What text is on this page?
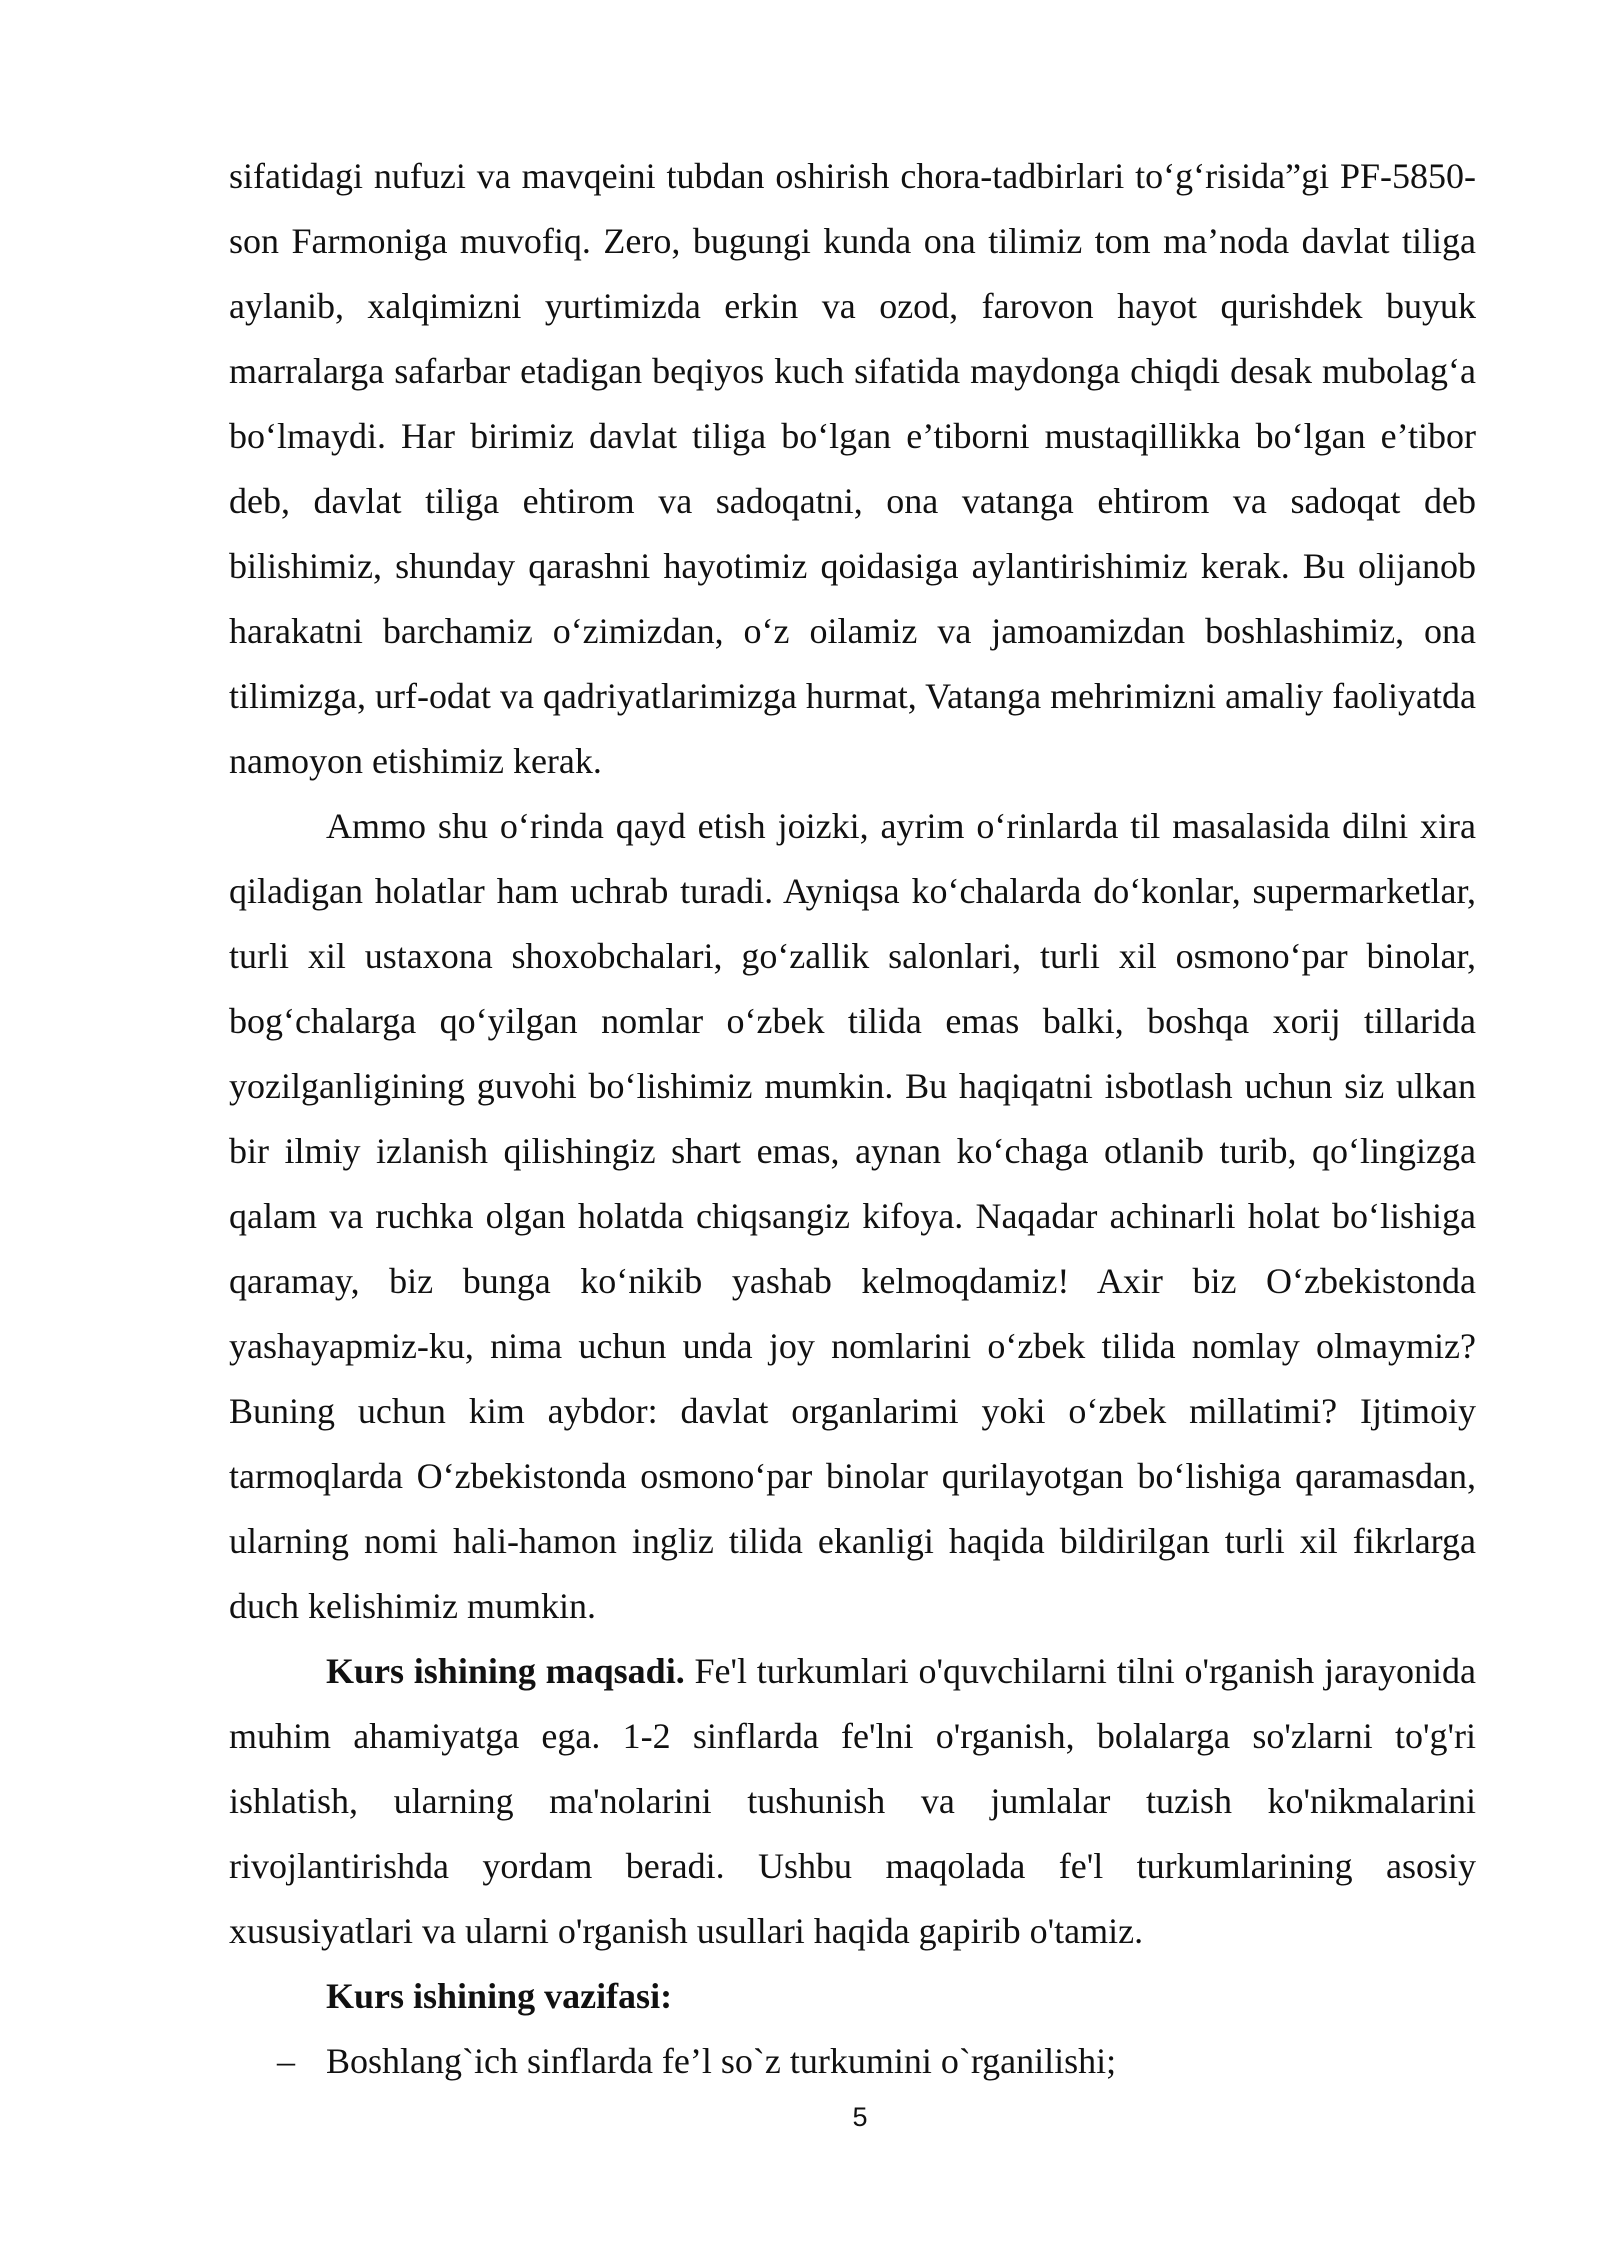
sifatidagi nufuzi va mavqeini tubdan oshirish chora-tadbirlari to‘g‘risida”gi PF-5850-son Farmoniga muvofiq. Zero, bugungi kunda ona tilimiz tom ma’noda davlat tiliga aylanib, xalqimizni yurtimizda erkin va ozod, farovon hayot qurishdek buyuk marralarga safarbar etadigan beqiyos kuch sifatida maydonga chiqdi desak mubolag‘a bo‘lmaydi. Har birimiz davlat tiliga bo‘lgan e’tiborni mustaqillikka bo‘lgan e’tibor deb, davlat tiliga ehtirom va sadoqatni, ona vatanga ehtirom va sadoqat deb bilishimiz, shunday qarashni hayotimiz qoidasiga aylantirishimiz kerak. Bu olijanob harakatni barchamiz o‘zimizdan, o‘z oilamiz va jamoamizdan boshlashimiz, ona tilimizga, urf-odat va qadriyatlarimizga hurmat, Vatanga mehrimizni amaliy faoliyatda namoyon etishimiz kerak.

Ammo shu o‘rinda qayd etish joizki, ayrim o‘rinlarda til masalasida dilni xira qiladigan holatlar ham uchrab turadi. Ayniqsa ko‘chalarda do‘konlar, supermarketlar, turli xil ustaxona shoxobchalari, go‘zallik salonlari, turli xil osmono‘par binolar, bog‘chalarga qo‘yilgan nomlar o‘zbek tilida emas balki, boshqa xorij tillarida yozilganligining guvohi bo‘lishimiz mumkin. Bu haqiqatni isbotlash uchun siz ulkan bir ilmiy izlanish qilishingiz shart emas, aynan ko‘chaga otlanib turib, qo‘lingizga qalam va ruchka olgan holatda chiqsangiz kifoya. Naqadar achinarli holat bo‘lishiga qaramay, biz bunga ko‘nikib yashab kelmoqdamiz! Axir biz O‘zbekistonda yashayapmiz-ku, nima uchun unda joy nomlarini o‘zbek tilida nomlay olmaymiz? Buning uchun kim aybdor: davlat organlarimi yoki o‘zbek millatimi? Ijtimoiy tarmoqlarda O‘zbekistonda osmono‘par binolar qurilayotgan bo‘lishiga qaramasdan, ularning nomi hali-hamon ingliz tilida ekanligi haqida bildirilgan turli xil fikrlarga duch kelishimiz mumkin.

Kurs ishining maqsadi. Fe'l turkumlari o'quvchilarni tilni o'rganish jarayonida muhim ahamiyatga ega. 1-2 sinflarda fe'lni o'rganish, bolalarga so'zlarni to'g'ri ishlatish, ularning ma'nolarini tushunish va jumlalar tuzish ko'nikmalarini rivojlantirishda yordam beradi. Ushbu maqolada fe'l turkumlarining asosiy xususiyatlari va ularni o'rganish usullari haqida gapirib o'tamiz.

Kurs ishining vazifasi:

– Boshlang`ich sinflarda fe’l so`z turkumini o`rganilishi;
5
